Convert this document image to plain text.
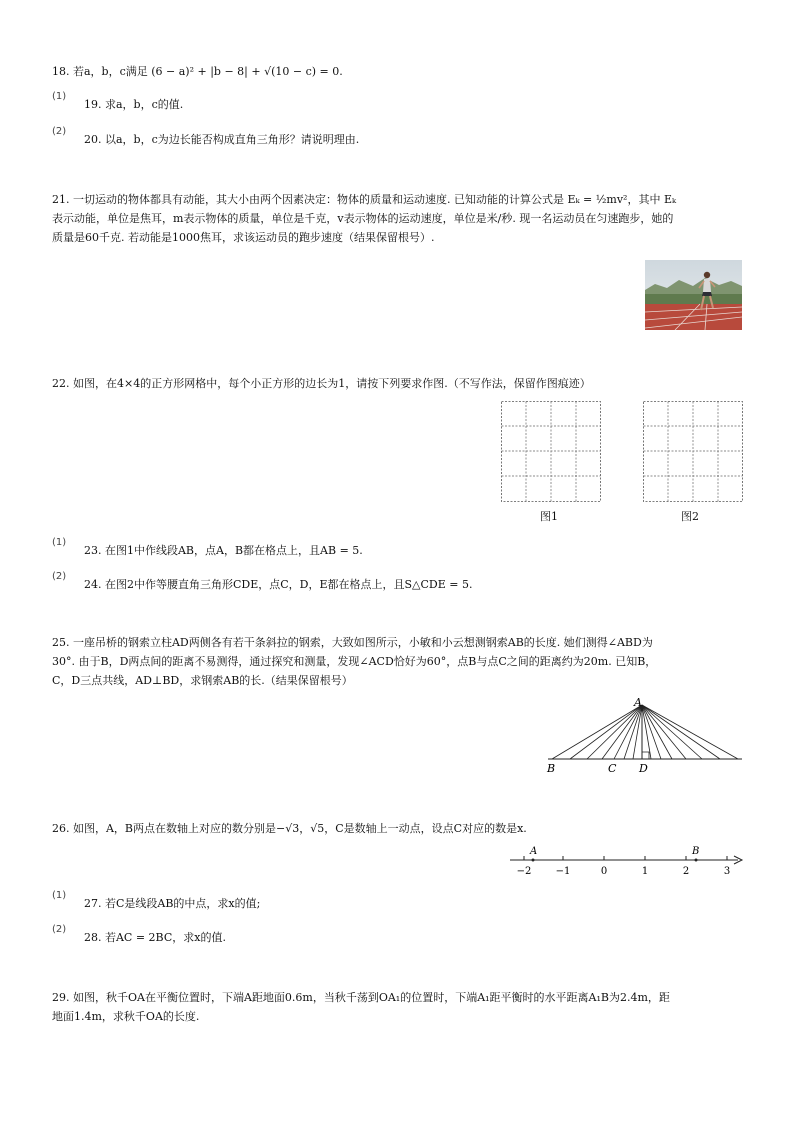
18. 若a，b，c满足 (6 − a)² + |b − 8| + √(10 − c) = 0.

(1)
19. 求a，b，c的值.
(2)
20. 以a，b，c为边长能否构成直角三角形？请说明理由.

21. 一切运动的物体都具有动能，其大小由两个因素决定：物体的质量和运动速度. 已知动能的计算公式是 Eₖ = ½mv²，其中 Eₖ

表示动能，单位是焦耳，m表示物体的质量，单位是千克，v表示物体的运动速度，单位是米/秒. 现一名运动员在匀速跑步，她的

质量是60千克. 若动能是1000焦耳，求该运动员的跑步速度（结果保留根号）.

22. 如图，在4×4的正方形网格中，每个小正方形的边长为1，请按下列要求作图.（不写作法，保留作图痕迹）

图1	图2
(1)
23. 在图1中作线段AB，点A，B都在格点上，且AB = 5.
(2)
24. 在图2中作等腰直角三角形CDE，点C，D，E都在格点上，且S△CDE = 5.

25. 一座吊桥的钢索立柱AD两侧各有若干条斜拉的钢索，大致如图所示，小敏和小云想测钢索AB的长度. 她们测得∠ABD为

30°. 由于B，D两点间的距离不易测得，通过探究和测量，发现∠ACD恰好为60°，点B与点C之间的距离约为20m. 已知B，

C，D三点共线，AD⊥BD，求钢索AB的长.（结果保留根号）

A
B	C D

26. 如图，A，B两点在数轴上对应的数分别是−√3，√5，C是数轴上一动点，设点C对应的数是x.

A	B
−2 −1	0	1	2	3
(1)
27. 若C是线段AB的中点，求x的值;
(2)
28. 若AC = 2BC，求x的值.

29. 如图，秋千OA在平衡位置时，下端A距地面0.6m，当秋千荡到OA₁的位置时，下端A₁距平衡时的水平距离A₁B为2.4m，距

地面1.4m，求秋千OA的长度.
